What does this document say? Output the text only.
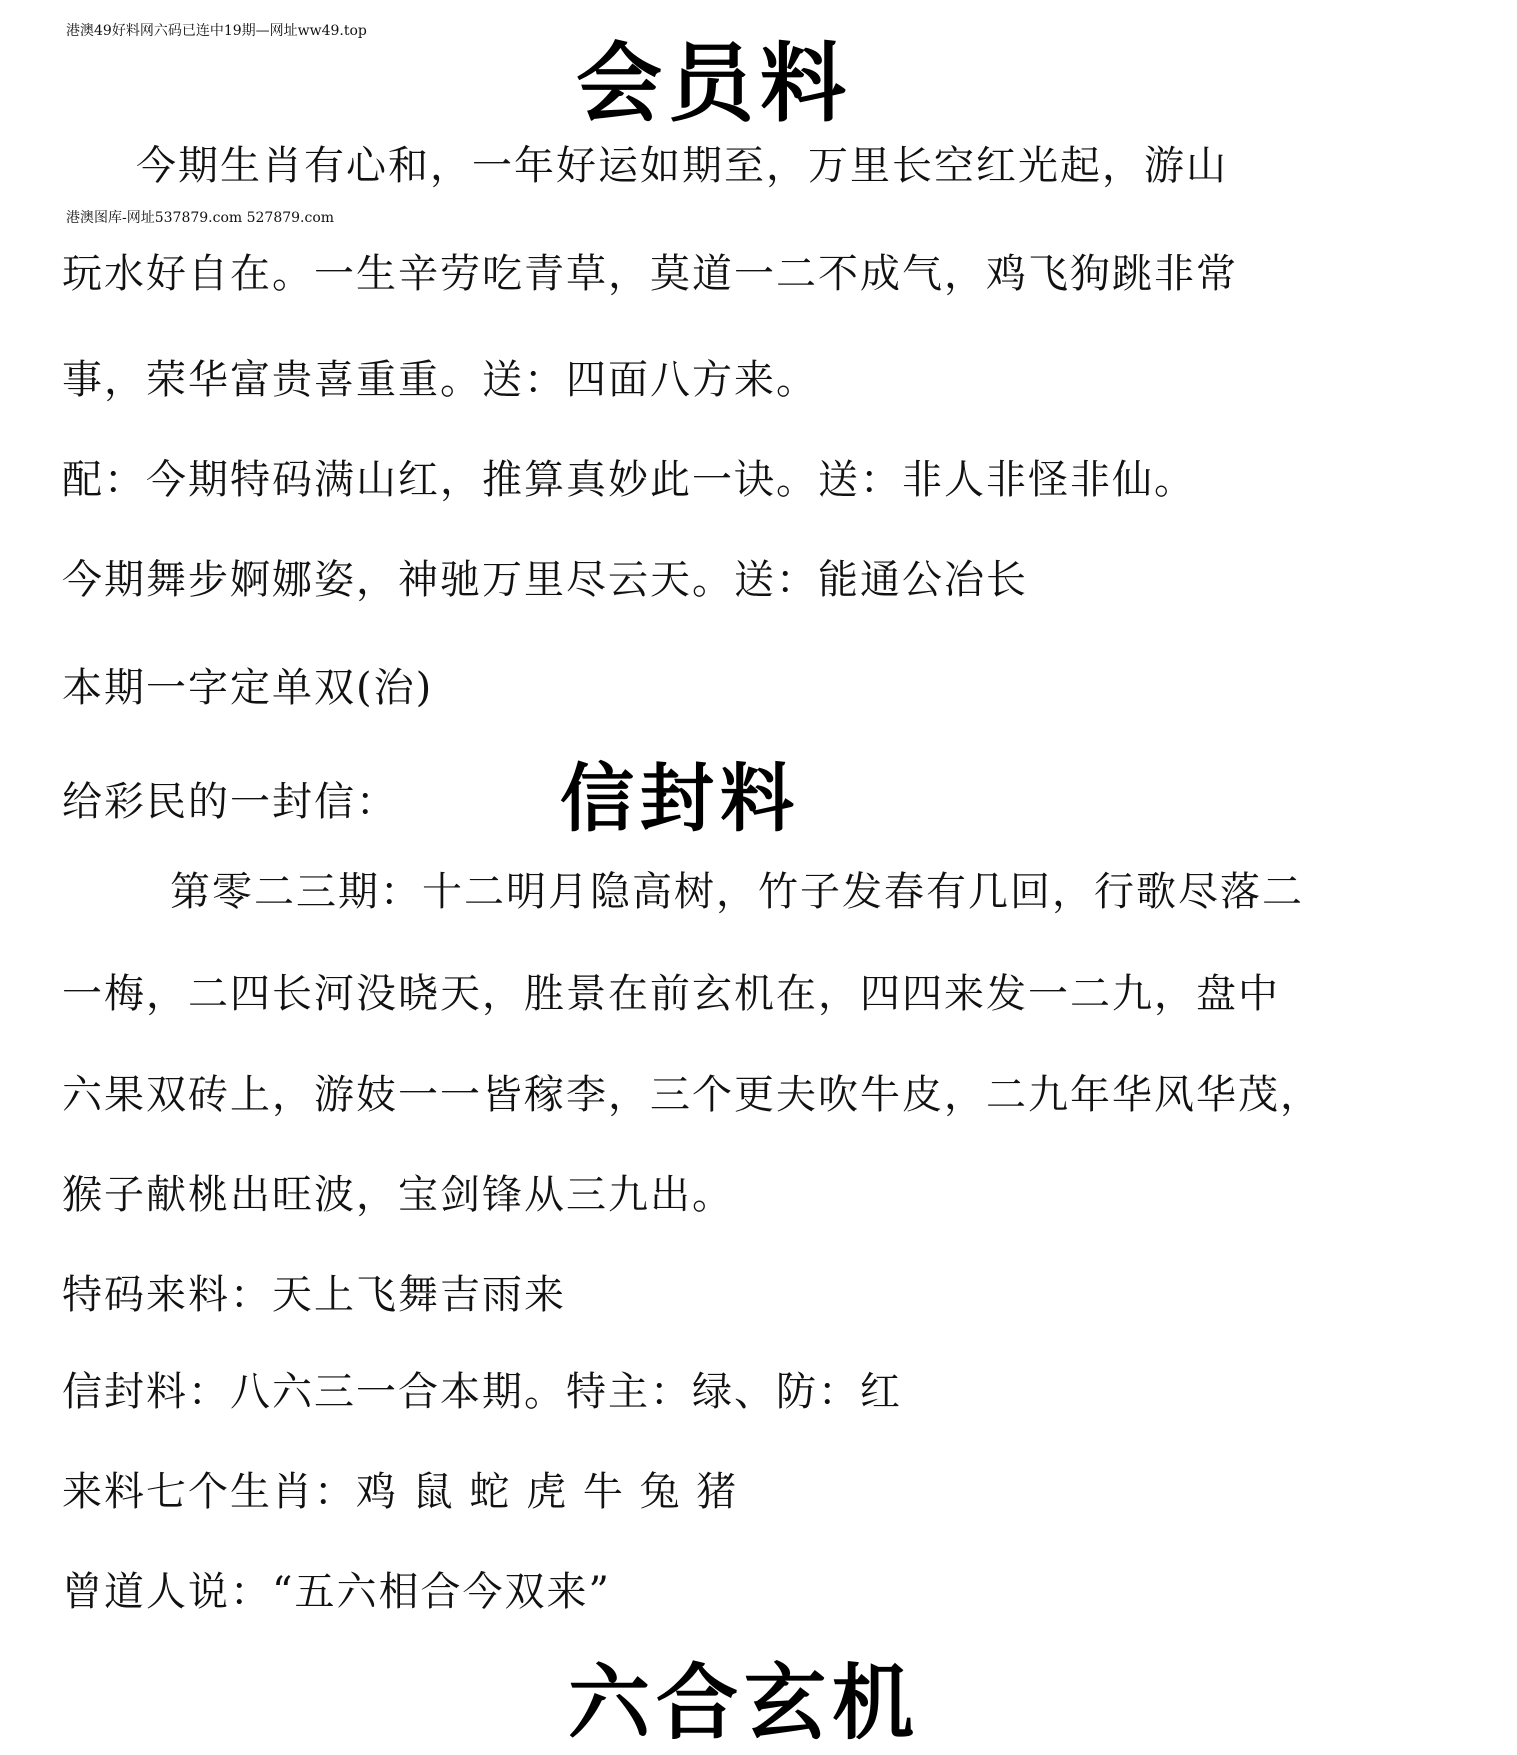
港澳49好料网六码已连中19期—网址ww49.top
港澳图库-网址537879.com 527879.com
会员料
今期生肖有心和，一年好运如期至，万里长空红光起，游山
玩水好自在。一生辛劳吃青草，莫道一二不成气，鸡飞狗跳非常
事，荣华富贵喜重重。送：四面八方来。
配：今期特码满山红，推算真妙此一诀。送：非人非怪非仙。
今期舞步婀娜姿，神驰万里尽云天。送：能通公冶长
本期一字定单双(治)
给彩民的一封信： 信封料
第零二三期：十二明月隐高树，竹子发春有几回，行歌尽落二
一梅，二四长河没晓天，胜景在前玄机在，四四来发一二九，盘中
六果双砖上，游妓一一皆稼李，三个更夫吹牛皮，二九年华风华茂，
猴子献桃出旺波，宝剑锋从三九出。
特码来料：天上飞舞吉雨来
信封料：八六三一合本期。特主：绿、防：红
来料七个生肖：鸡 鼠 蛇 虎 牛 兔 猪
曾道人说：“五六相合今双来”
六合玄机
